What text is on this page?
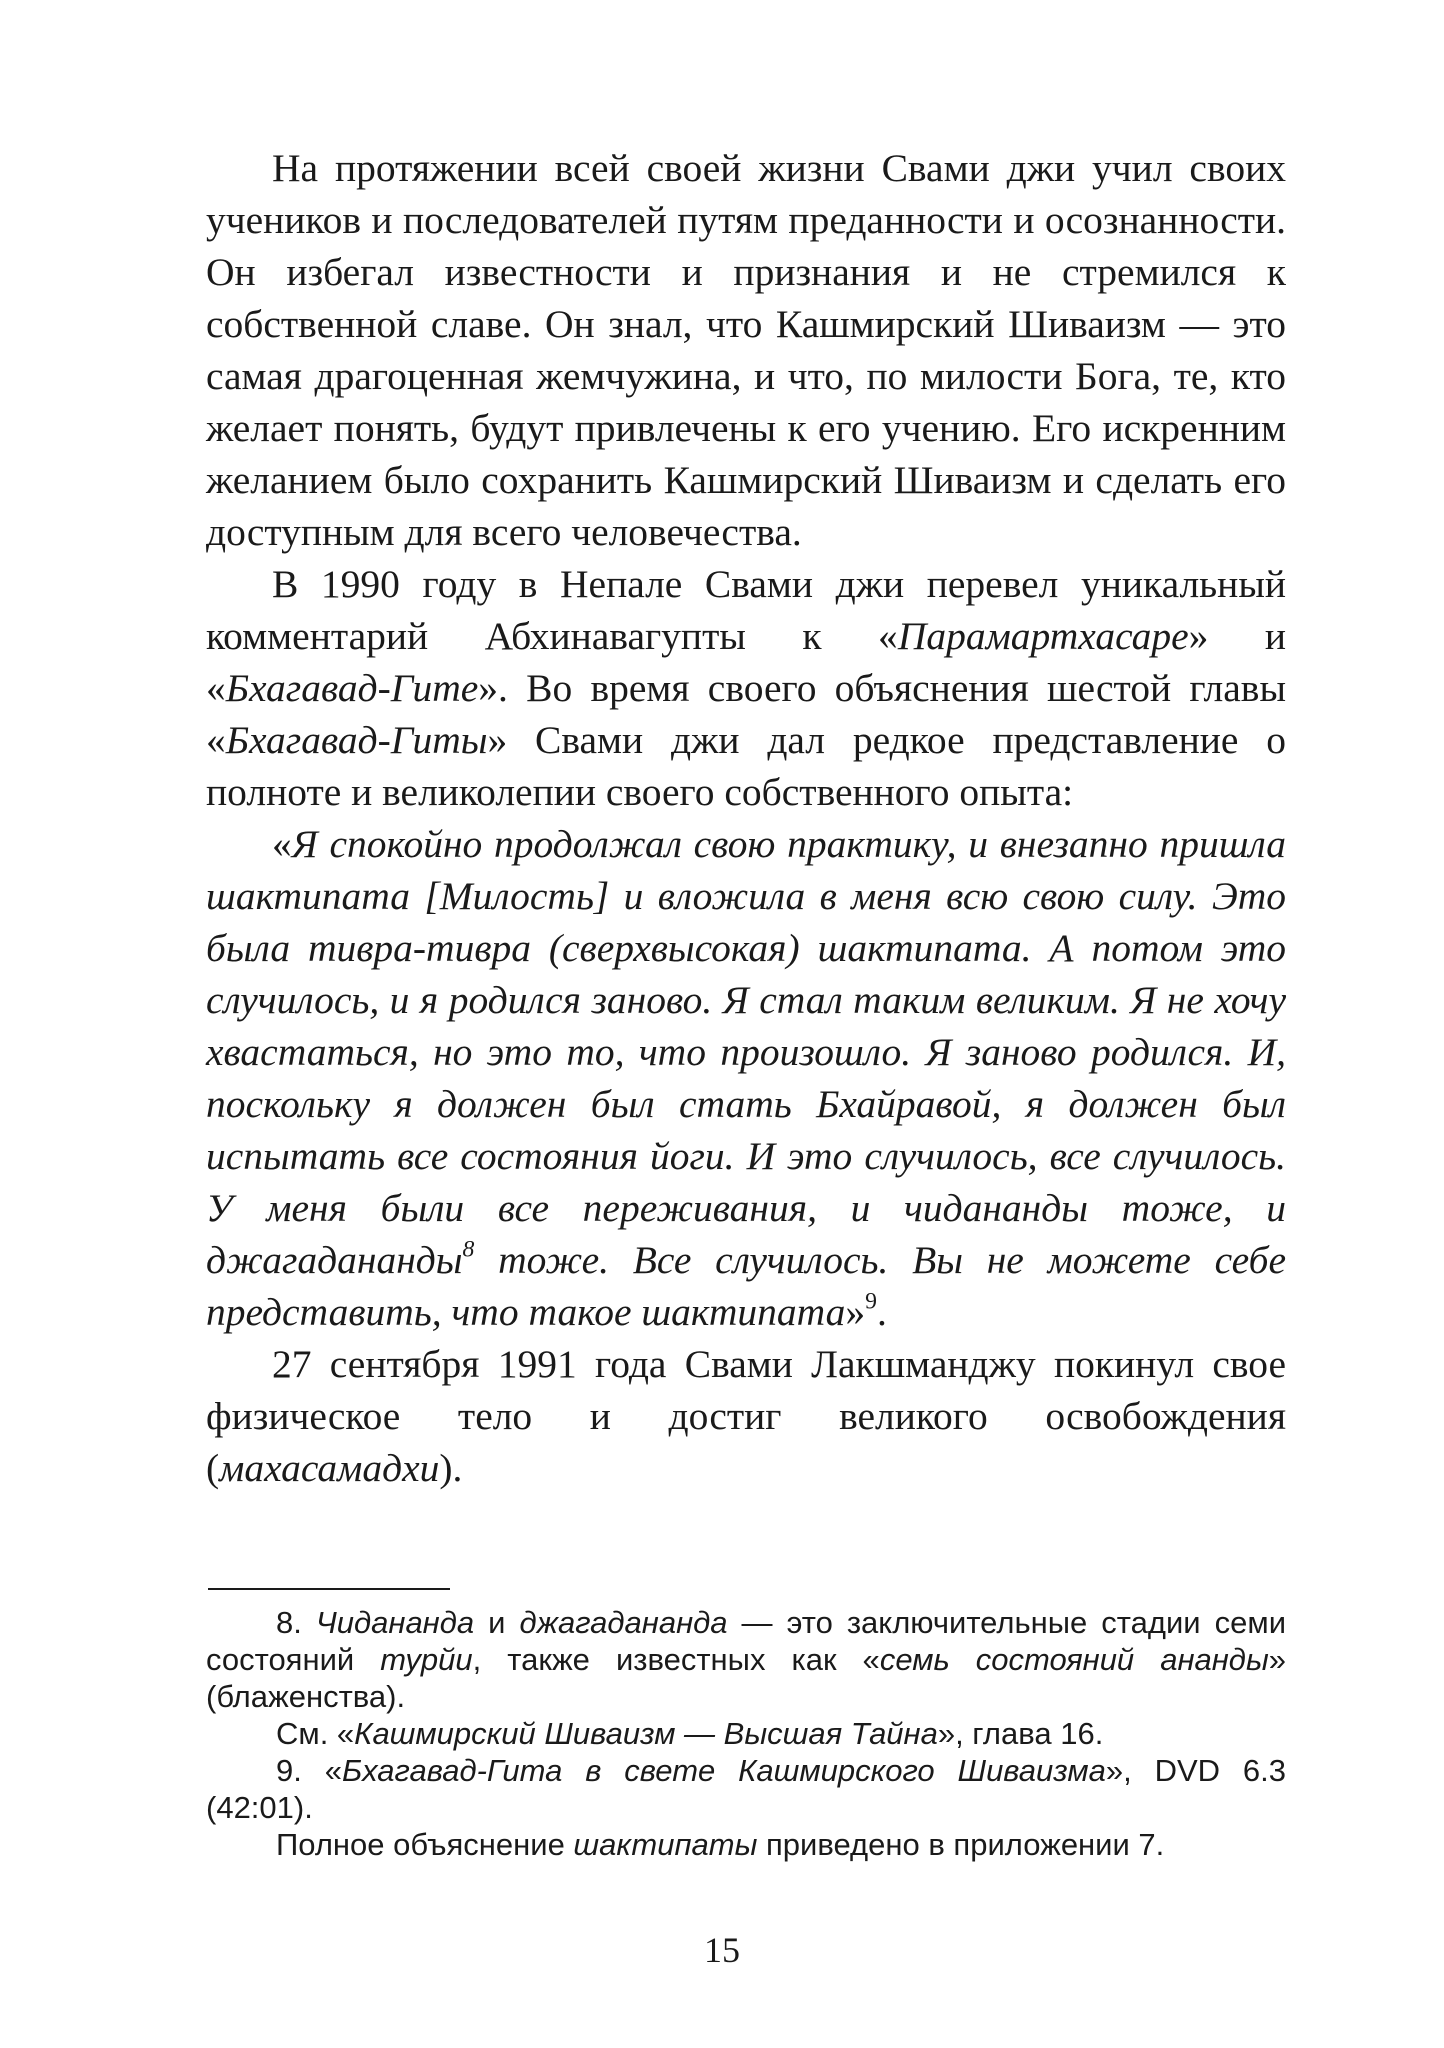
На протяжении всей своей жизни Свами джи учил своих учеников и последователей путям преданности и осознанности. Он избегал известности и признания и не стремился к собственной славе. Он знал, что Кашмирский Шиваизм — это самая драгоценная жемчужина, и что, по милости Бога, те, кто желает понять, будут привлечены к его учению. Его искренним желанием было сохранить Кашмирский Шиваизм и сделать его доступным для всего человечества.

В 1990 году в Непале Свами джи перевел уникальный комментарий Абхинавагупты к «Парамартхасаре» и «Бхагавад-Гите». Во время своего объяснения шестой главы «Бхагавад-Гиты» Свами джи дал редкое представление о полноте и великолепии своего собственного опыта:

«Я спокойно продолжал свою практику, и внезапно пришла шактипата [Милость] и вложила в меня всю свою силу. Это была тивра-тивра (сверхвысокая) шактипата. А потом это случилось, и я родился заново. Я стал таким великим. Я не хочу хвастаться, но это то, что произошло. Я заново родился. И, поскольку я должен был стать Бхайравой, я должен был испытать все состояния йоги. И это случилось, все случилось. У меня были все переживания, и чидананды тоже, и джагадананды$^8$ тоже. Все случилось. Вы не можете себе представить, что такое шактипата»$^9$.

27 сентября 1991 года Свами Лакшманджу покинул свое физическое тело и достиг великого освобождения (махасамадхи).

8. Чидананда и джагадананда — это заключительные стадии семи состояний турйи, также известных как «семь состояний ананды» (блаженства).

См. «Кашмирский Шиваизм — Высшая Тайна», глава 16.

9. «Бхагавад-Гита в свете Кашмирского Шиваизма», DVD 6.3 (42:01).

Полное объяснение шактипаты приведено в приложении 7.

15
